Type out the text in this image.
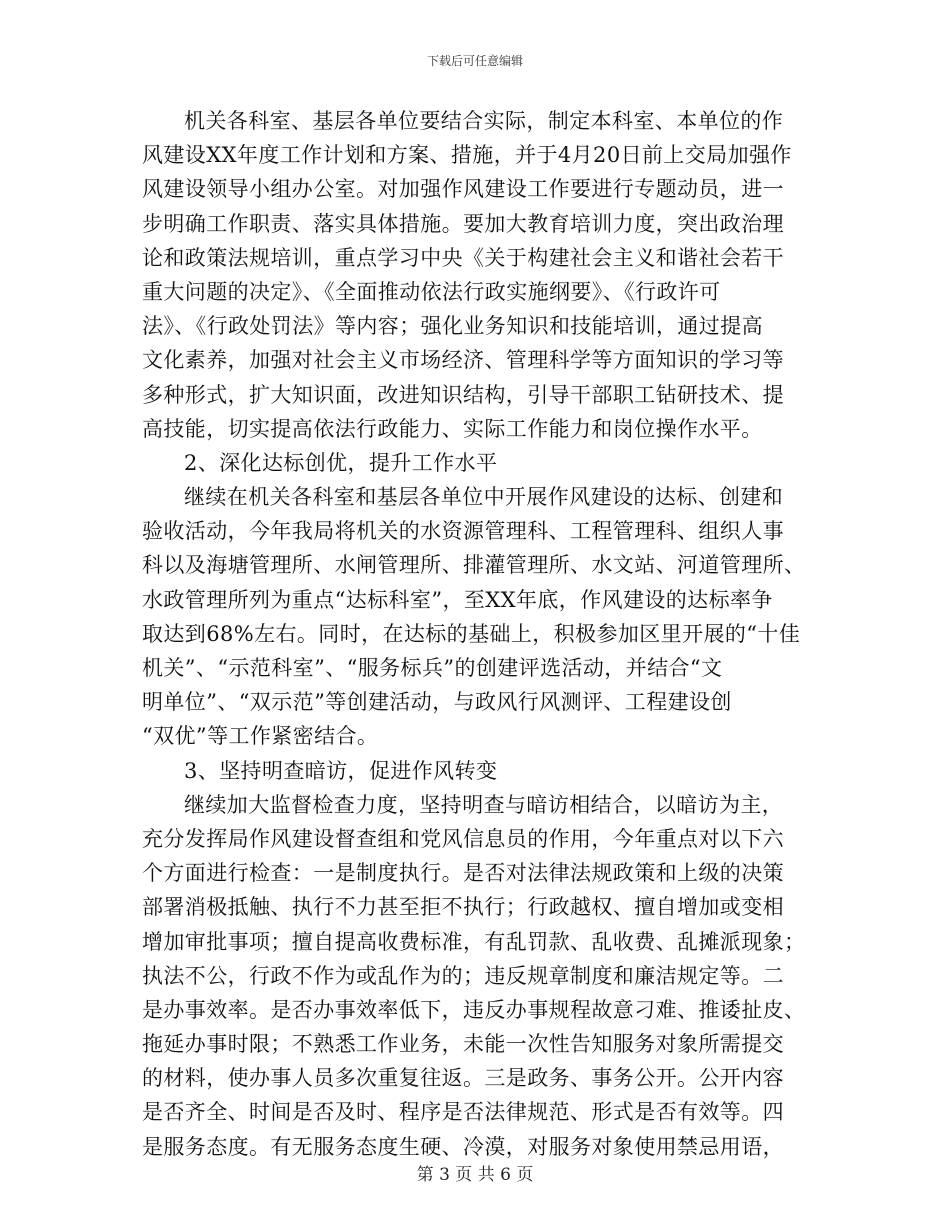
下载后可任意编辑
机关各科室、基层各单位要结合实际，制定本科室、本单位的作
风建设XX年度工作计划和方案、措施，并于4月20日前上交局加强作
风建设领导小组办公室。对加强作风建设工作要进行专题动员，进一
步明确工作职责、落实具体措施。要加大教育培训力度，突出政治理
论和政策法规培训，重点学习中央《关于构建社会主义和谐社会若干
重大问题的决定》、《全面推动依法行政实施纲要》、《行政许可
法》、《行政处罚法》等内容；强化业务知识和技能培训，通过提高
文化素养，加强对社会主义市场经济、管理科学等方面知识的学习等
多种形式，扩大知识面，改进知识结构，引导干部职工钻研技术、提
高技能，切实提高依法行政能力、实际工作能力和岗位操作水平。
2、深化达标创优，提升工作水平
继续在机关各科室和基层各单位中开展作风建设的达标、创建和
验收活动，今年我局将机关的水资源管理科、工程管理科、组织人事
科以及海塘管理所、水闸管理所、排灌管理所、水文站、河道管理所、
水政管理所列为重点“达标科室”，至XX年底，作风建设的达标率争
取达到68%左右。同时，在达标的基础上，积极参加区里开展的“十佳
机关”、“示范科室”、“服务标兵”的创建评选活动，并结合“文
明单位”、“双示范”等创建活动，与政风行风测评、工程建设创
“双优”等工作紧密结合。
3、坚持明查暗访，促进作风转变
继续加大监督检查力度，坚持明查与暗访相结合，以暗访为主，
充分发挥局作风建设督查组和党风信息员的作用，今年重点对以下六
个方面进行检查：一是制度执行。是否对法律法规政策和上级的决策
部署消极抵触、执行不力甚至拒不执行；行政越权、擅自增加或变相
增加审批事项；擅自提高收费标准，有乱罚款、乱收费、乱摊派现象；
执法不公，行政不作为或乱作为的；违反规章制度和廉洁规定等。二
是办事效率。是否办事效率低下，违反办事规程故意刁难、推诿扯皮、
拖延办事时限；不熟悉工作业务，未能一次性告知服务对象所需提交
的材料，使办事人员多次重复往返。三是政务、事务公开。公开内容
是否齐全、时间是否及时、程序是否法律规范、形式是否有效等。四
是服务态度。有无服务态度生硬、冷漠，对服务对象使用禁忌用语，
第 3 页 共 6 页
